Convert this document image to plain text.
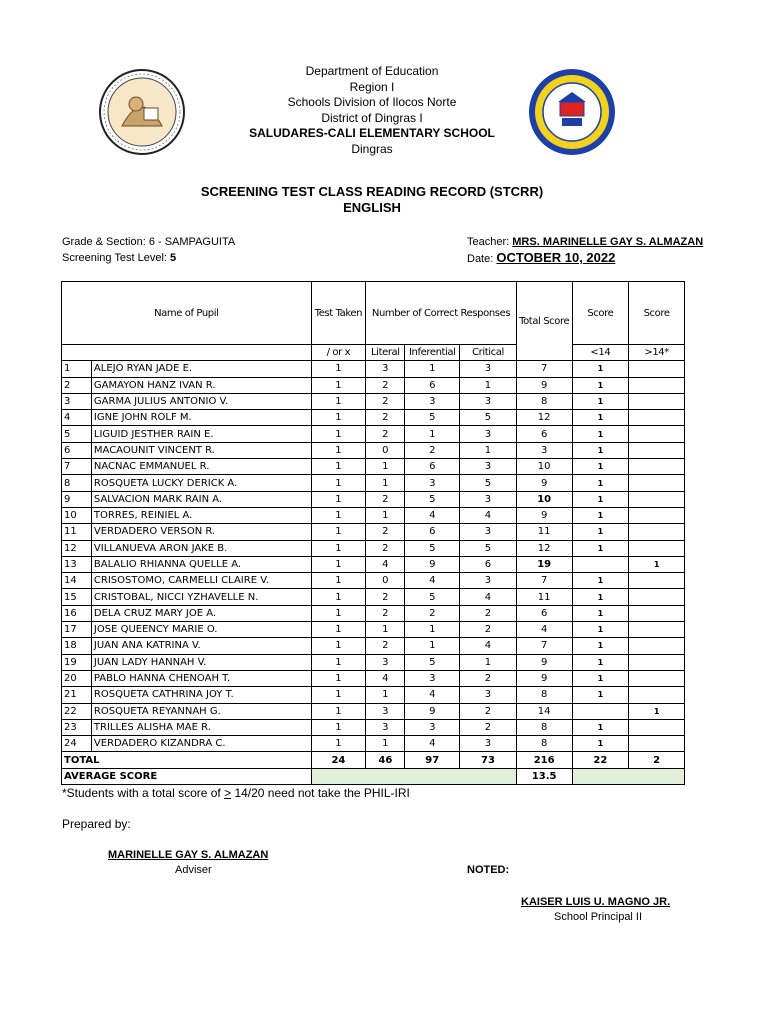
Department of Education
Region I
Schools Division of Ilocos Norte
District of Dingras I
SALUDARES-CALI ELEMENTARY SCHOOL
Dingras
SCREENING TEST CLASS READING RECORD (STCRR)
ENGLISH
Grade & Section: 6 - SAMPAGUITA
Screening Test Level: 5
Teacher: MRS. MARINELLE GAY S. ALMAZAN
Date: OCTOBER 10, 2022
Name of Pupil		Test Taken	Number of Correct Responses			Total Score	Score	Score
		/ or x	Literal	Inferential	Critical		<14	>14*
1	ALEJO RYAN JADE E.	1	3	1	3	7	1	
2	GAMAYON HANZ IVAN R.	1	2	6	1	9	1	
3	GARMA JULIUS ANTONIO V.	1	2	3	3	8	1	
4	IGNE JOHN ROLF M.	1	2	5	5	12	1	
5	LIGUID JESTHER RAIN E.	1	2	1	3	6	1	
6	MACAOUNIT VINCENT R.	1	0	2	1	3	1	
7	NACNAC EMMANUEL R.	1	1	6	3	10	1	
8	ROSQUETA LUCKY DERICK A.	1	1	3	5	9	1	
9	SALVACION MARK RAIN A.	1	2	5	3	10	1	
10	TORRES, REINIEL A.	1	1	4	4	9	1	
11	VERDADERO VERSON R.	1	2	6	3	11	1	
12	VILLANUEVA ARON JAKE B.	1	2	5	5	12	1	
13	BALALIO RHIANNA QUELLE A.	1	4	9	6	19		1
14	CRISOSTOMO, CARMELLI CLAIRE V.	1	0	4	3	7	1	
15	CRISTOBAL, NICCI YZHAVELLE N.	1	2	5	4	11	1	
16	DELA CRUZ MARY JOE A.	1	2	2	2	6	1	
17	JOSE QUEENCY MARIE O.	1	1	1	2	4	1	
18	JUAN ANA KATRINA V.	1	2	1	4	7	1	
19	JUAN LADY HANNAH V.	1	3	5	1	9	1	
20	PABLO HANNA CHENOAH T.	1	4	3	2	9	1	
21	ROSQUETA CATHRINA JOY T.	1	1	4	3	8	1	
22	ROSQUETA REYANNAH G.	1	3	9	2	14		1
23	TRILLES ALISHA MAE R.	1	3	3	2	8	1	
24	VERDADERO KIZANDRA C.	1	1	4	3	8	1	
TOTAL		24	46	97	73	216	22	2
AVERAGE SCORE						13.5		
*Students with a total score of > 14/20 need not take the PHIL-IRI
Prepared by:
MARINELLE GAY S. ALMAZAN
Adviser	NOTED:
KAISER LUIS U. MAGNO JR.
School Principal II
